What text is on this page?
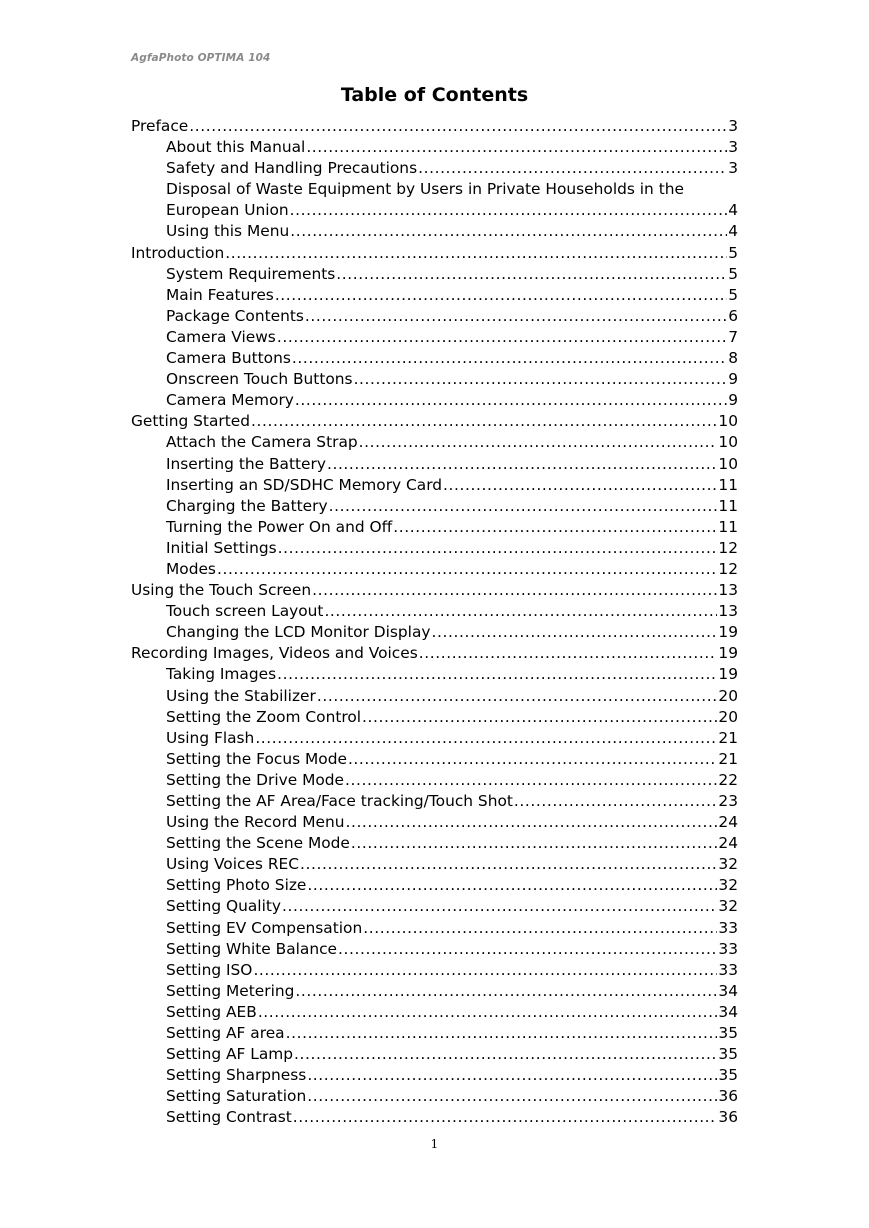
AgfaPhoto OPTIMA 104
Table of Contents
Preface .....	3
About this Manual .....	3
Safety and Handling Precautions .....	3
Disposal of Waste Equipment by Users in Private Households in the
European Union .....	4
Using this Menu .....	4
Introduction .....	5
System Requirements .....	5
Main Features .....	5
Package Contents .....	6
Camera Views .....	7
Camera Buttons .....	8
Onscreen Touch Buttons .....	9
Camera Memory .....	9
Getting Started .....	10
Attach the Camera Strap .....	10
Inserting the Battery .....	10
Inserting an SD/SDHC Memory Card .....	11
Charging the Battery .....	11
Turning the Power On and Off .....	11
Initial Settings .....	12
Modes .....	12
Using the Touch Screen .....	13
Touch screen Layout .....	13
Changing the LCD Monitor Display .....	19
Recording Images, Videos and Voices .....	19
Taking Images .....	19
Using the Stabilizer .....	20
Setting the Zoom Control .....	20
Using Flash .....	21
Setting the Focus Mode .....	21
Setting the Drive Mode .....	22
Setting the AF Area/Face tracking/Touch Shot .....	23
Using the Record Menu .....	24
Setting the Scene Mode .....	24
Using Voices REC .....	32
Setting Photo Size .....	32
Setting Quality .....	32
Setting EV Compensation .....	33
Setting White Balance .....	33
Setting ISO .....	33
Setting Metering .....	34
Setting AEB .....	34
Setting AF area .....	35
Setting AF Lamp .....	35
Setting Sharpness .....	35
Setting Saturation .....	36
Setting Contrast .....	36
1
